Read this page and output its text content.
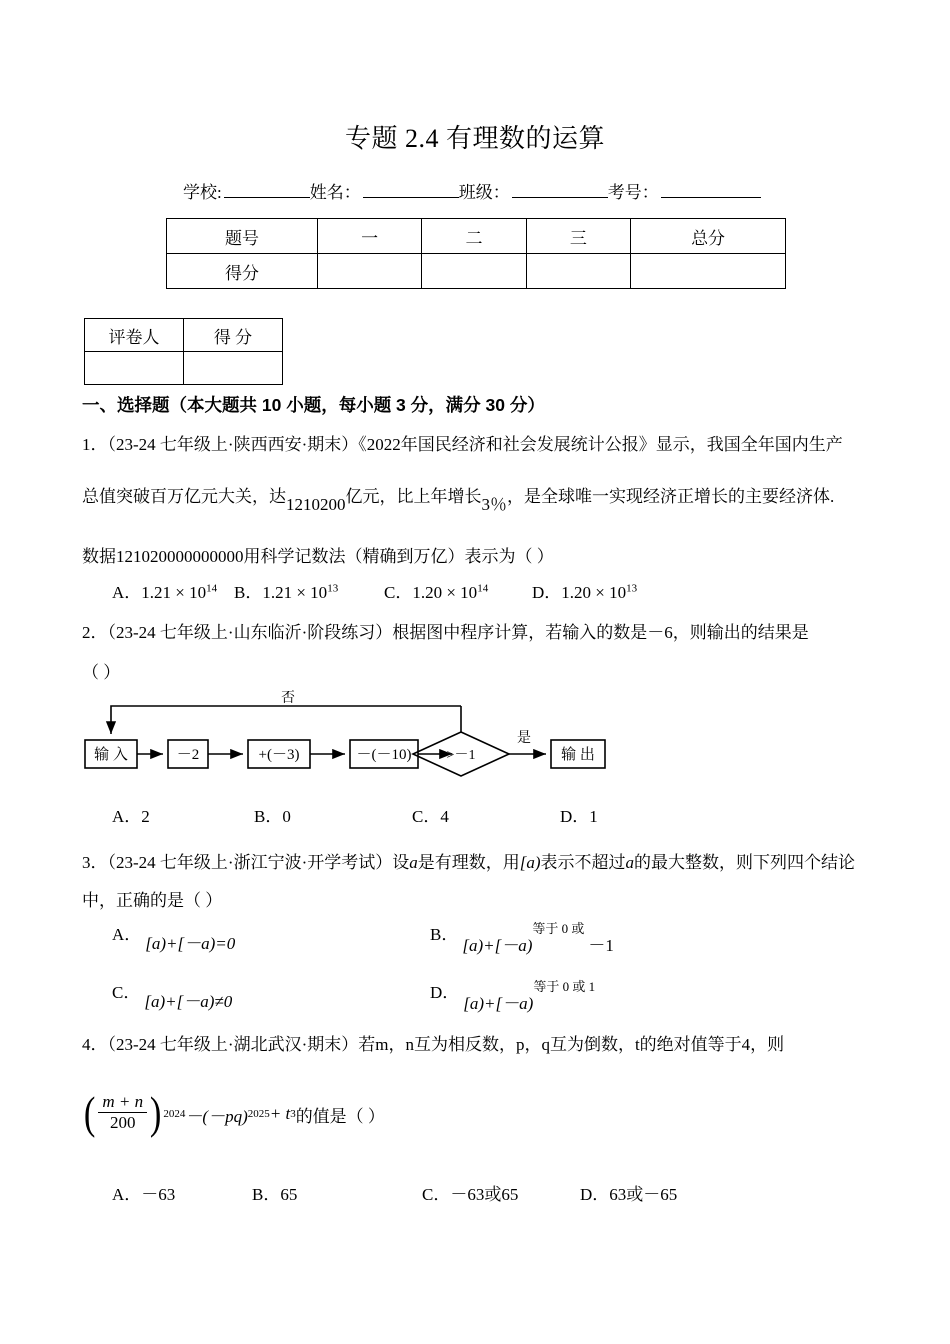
专题 2.4 有理数的运算
学校:	姓名：	班级：	考号：
题号	一	二	三	总分
得分				
评卷人	得 分

一、选择题（本大题共 10 小题，每小题 3 分，满分 30 分）
1．（23-24 七年级上·陕西西安·期末）《2022年国民经济和社会发展统计公报》显示，我国全年国内生产
总值突破百万亿元大关，达1210200亿元，比上年增长3％，是全球唯一实现经济正增长的主要经济体.
数据121020000000000用科学记数法（精确到万亿）表示为（ ）
A．$1.21 \times 10^{14}$ B．$1.21 \times 10^{13}$	C．$1.20 \times 10^{14}$	D．$1.20 \times 10^{13}$
2．（23-24 七年级上·山东临沂·阶段练习）根据图中程序计算，若输入的数是－6，则输出的结果是
（ ）
输 入	－2	+(－3)	－(－10)	>－1
是
否
输 出
A．2	B．0	C．4	D．1
3．（23-24 七年级上·浙江宁波·开学考试）设a是有理数，用[a)表示不超过a的最大整数，则下列四个结论
中，正确的是（ ）
A． [a)+[－a)=0	B．[a)+[－a)$^{等于 0 或}$－1
C． [a)+[－a)≠0	D．[a)+[－a)$^{等于 0 或 1}$
4．（23-24 七年级上·湖北武汉·期末）若m，n互为相反数，p，q互为倒数，t的绝对值等于4，则
( $\frac{m + n}{200}$ ) 2024 －(－pq) 2025 + t 3 的值是（ ）
A．－63	B．65	C．－63或65	D．63或－65
